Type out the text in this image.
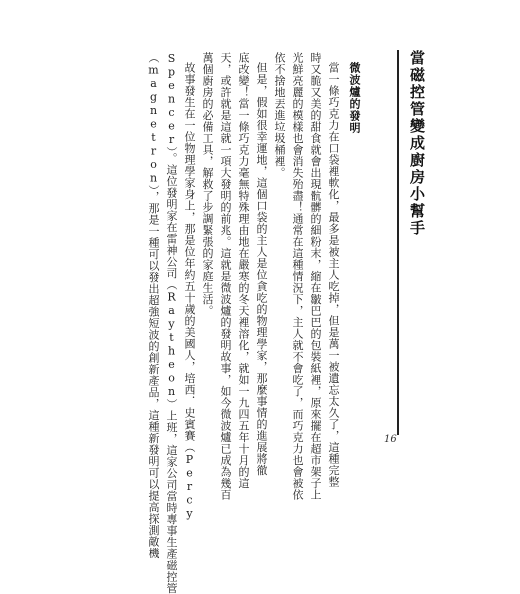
當磁控管變成廚房小幫手
微波爐的發明
當一條巧克力在口袋裡軟化，最多是被主人吃掉，但是萬一被遺忘太久了，這種完整
時又脆又美的甜食就會出現骯髒的細粉末，縮在皺巴巴的包裝紙裡，原來擺在超市架子上
光鮮亮麗的模樣也會消失殆盡！通常在這種情況下，主人就不會吃了，而巧克力也會被依
依不捨地丟進垃圾桶裡。
但是，假如很幸運地，這個口袋的主人是位貪吃的物理學家，那麼事情的進展將徹
底改變！當一條巧克力毫無特殊理由地在嚴寒的冬天裡溶化，就如一九四五年十月的這
天，或許就是這就一項大發明的前兆。這就是微波爐的發明故事，如今微波爐已成為幾百
萬個廚房的必備工具，解救了步調緊張的家庭生活。
故事發生在一位物理學家身上，那是位年約五十歲的美國人，培西．史賓賽（Percy
Spencer）。這位發明家在雷神公司（Raytheon）上班，這家公司當時專事生產磁控管
（magnetron），那是一種可以發出超強短波的創新產品，這種新發明可以提高探測敵機	16
